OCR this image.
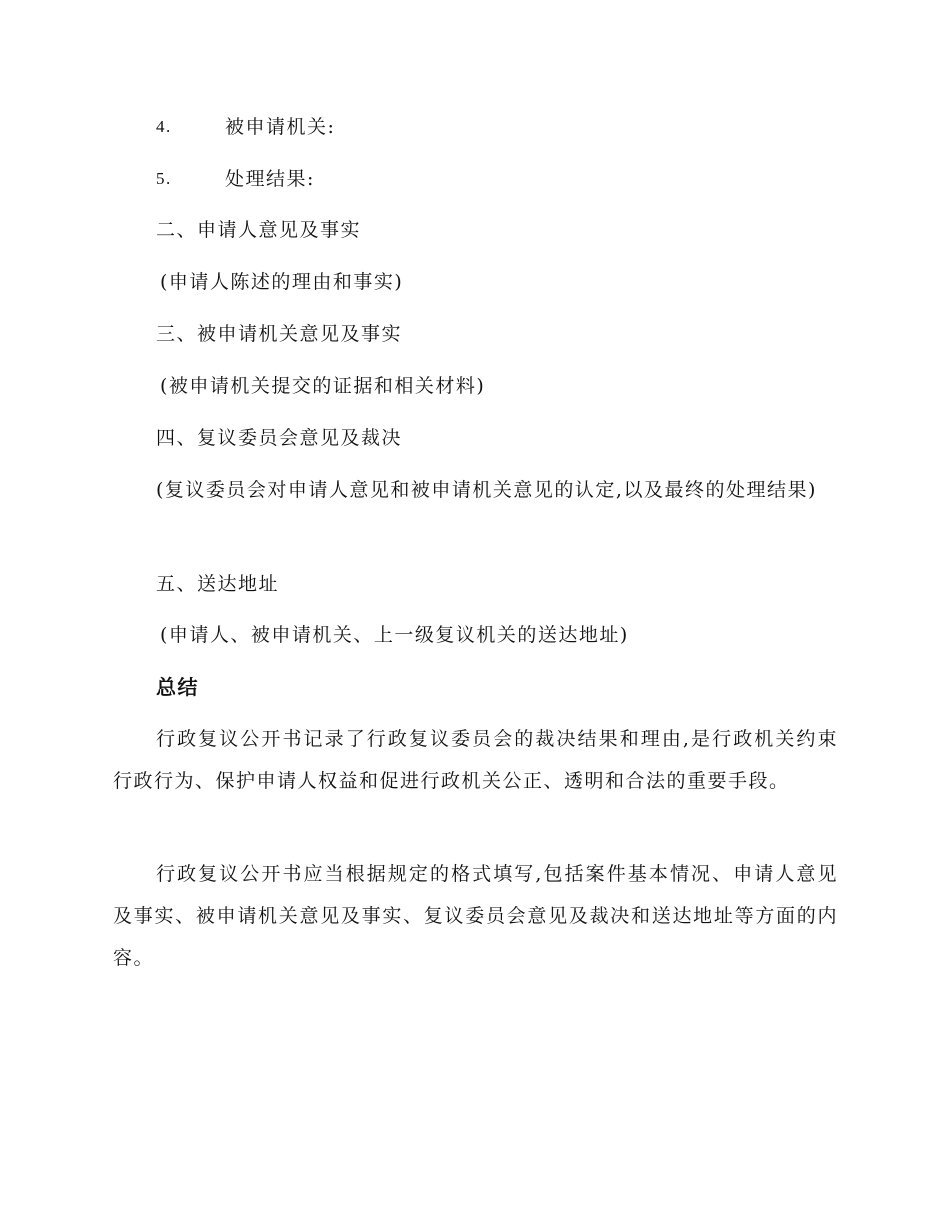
4.	被申请机关:
5.	处理结果:
二、申请人意见及事实
(申请人陈述的理由和事实)
三、被申请机关意见及事实
(被申请机关提交的证据和相关材料)
四、复议委员会意见及裁决

(复议委员会对申请人意见和被申请机关意见的认定,以及最终的处理结果)

五、送达地址
(申请人、被申请机关、上一级复议机关的送达地址)
总结

行政复议公开书记录了行政复议委员会的裁决结果和理由,是行政机关约束行政行为、保护申请人权益和促进行政机关公正、透明和合法的重要手段。

行政复议公开书应当根据规定的格式填写,包括案件基本情况、申请人意见及事实、被申请机关意见及事实、复议委员会意见及裁决和送达地址等方面的内容。
